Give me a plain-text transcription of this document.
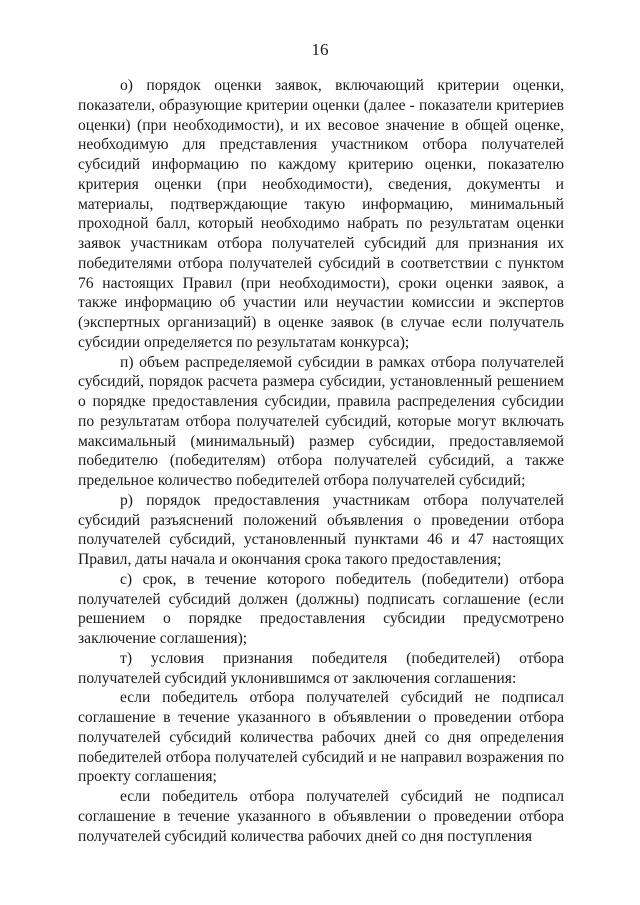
16

о) порядок оценки заявок, включающий критерии оценки, показатели, образующие критерии оценки (далее - показатели критериев оценки) (при необходимости), и их весовое значение в общей оценке, необходимую для представления участником отбора получателей субсидий информацию по каждому критерию оценки, показателю критерия оценки (при необходимости), сведения, документы и материалы, подтверждающие такую информацию, минимальный проходной балл, который необходимо набрать по результатам оценки заявок участникам отбора получателей субсидий для признания их победителями отбора получателей субсидий в соответствии с пунктом 76 настоящих Правил (при необходимости), сроки оценки заявок, а также информацию об участии или неучастии комиссии и экспертов (экспертных организаций) в оценке заявок (в случае если получатель субсидии определяется по результатам конкурса);

п) объем распределяемой субсидии в рамках отбора получателей субсидий, порядок расчета размера субсидии, установленный решением о порядке предоставления субсидии, правила распределения субсидии по результатам отбора получателей субсидий, которые могут включать максимальный (минимальный) размер субсидии, предоставляемой победителю (победителям) отбора получателей субсидий, а также предельное количество победителей отбора получателей субсидий;

р) порядок предоставления участникам отбора получателей субсидий разъяснений положений объявления о проведении отбора получателей субсидий, установленный пунктами 46 и 47 настоящих Правил, даты начала и окончания срока такого предоставления;

с) срок, в течение которого победитель (победители) отбора получателей субсидий должен (должны) подписать соглашение (если решением о порядке предоставления субсидии предусмотрено заключение соглашения);

т) условия признания победителя (победителей) отбора получателей субсидий уклонившимся от заключения соглашения:

если победитель отбора получателей субсидий не подписал соглашение в течение указанного в объявлении о проведении отбора получателей субсидий количества рабочих дней со дня определения победителей отбора получателей субсидий и не направил возражения по проекту соглашения;

если победитель отбора получателей субсидий не подписал соглашение в течение указанного в объявлении о проведении отбора получателей субсидий количества рабочих дней со дня поступления
